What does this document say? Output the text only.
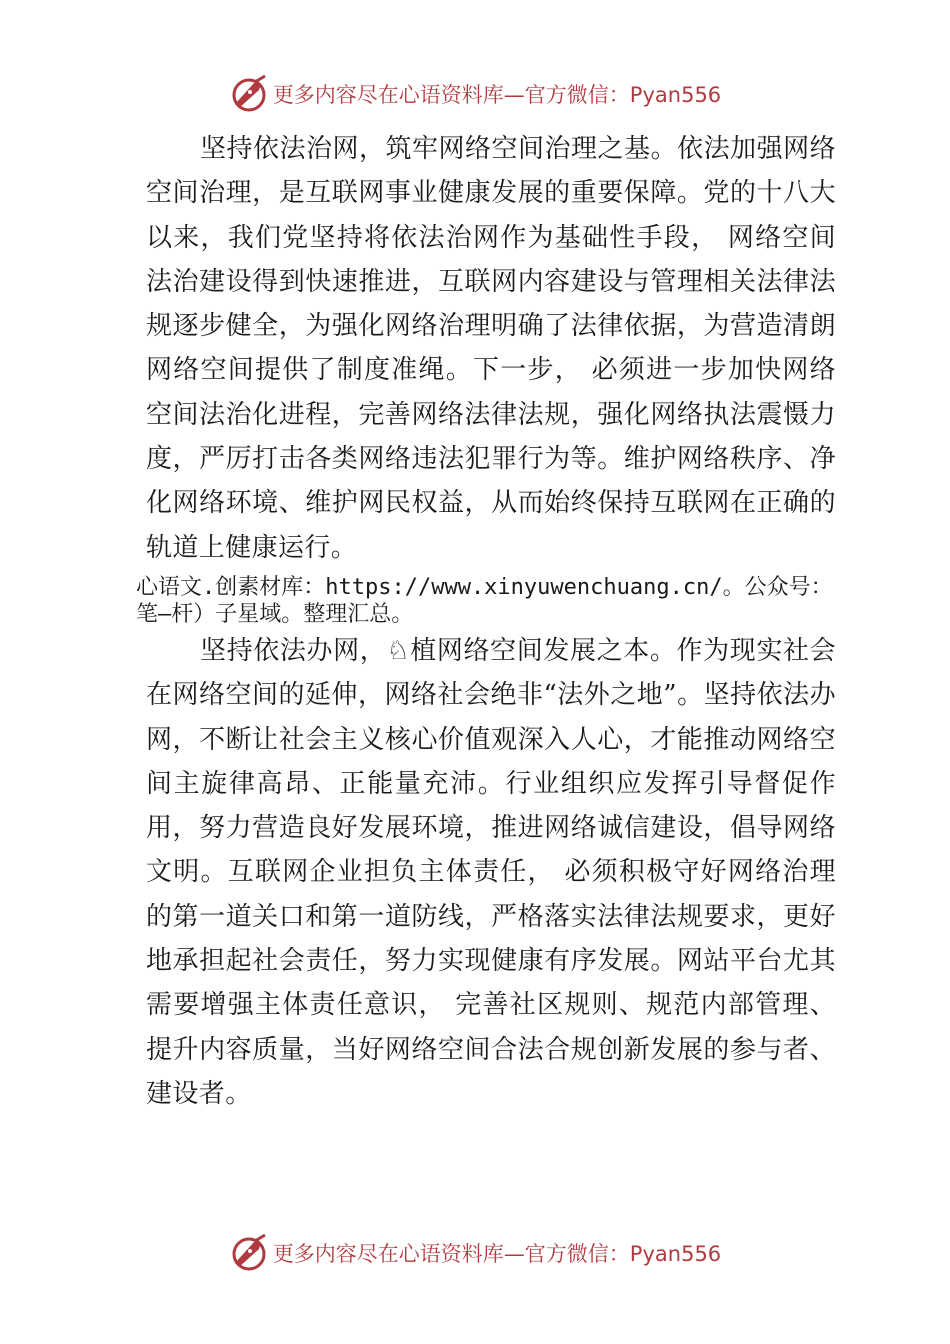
更多内容尽在心语资料库—官方微信：Pyan556

坚持依法治网，筑牢网络空间治理之基。依法加强网络空间治理，是互联网事业健康发展的重要保障。党的十八大以来，我们党坚持将依法治网作为基础性手段， 网络空间法治建设得到快速推进，互联网内容建设与管理相关法律法规逐步健全，为强化网络治理明确了法律依据，为营造清朗网络空间提供了制度准绳。下一步， 必须进一步加快网络空间法治化进程，完善网络法律法规，强化网络执法震慑力度，严厉打击各类网络违法犯罪行为等。维护网络秩序、净化网络环境、维护网民权益，从而始终保持互联网在正确的轨道上健康运行。

心语文.创素材库：https://www.xinyuwenchuang.cn/。公众号：笔—杆）子星域。整理汇总。

坚持依法办网，♘植网络空间发展之本。作为现实社会在网络空间的延伸，网络社会绝非“法外之地”。坚持依法办网，不断让社会主义核心价值观深入人心，才能推动网络空间主旋律高昂、正能量充沛。行业组织应发挥引导督促作用，努力营造良好发展环境，推进网络诚信建设，倡导网络文明。互联网企业担负主体责任， 必须积极守好网络治理的第一道关口和第一道防线，严格落实法律法规要求，更好地承担起社会责任，努力实现健康有序发展。网站平台尤其需要增强主体责任意识， 完善社区规则、规范内部管理、提升内容质量，当好网络空间合法合规创新发展的参与者、建设者。

更多内容尽在心语资料库—官方微信：Pyan556
